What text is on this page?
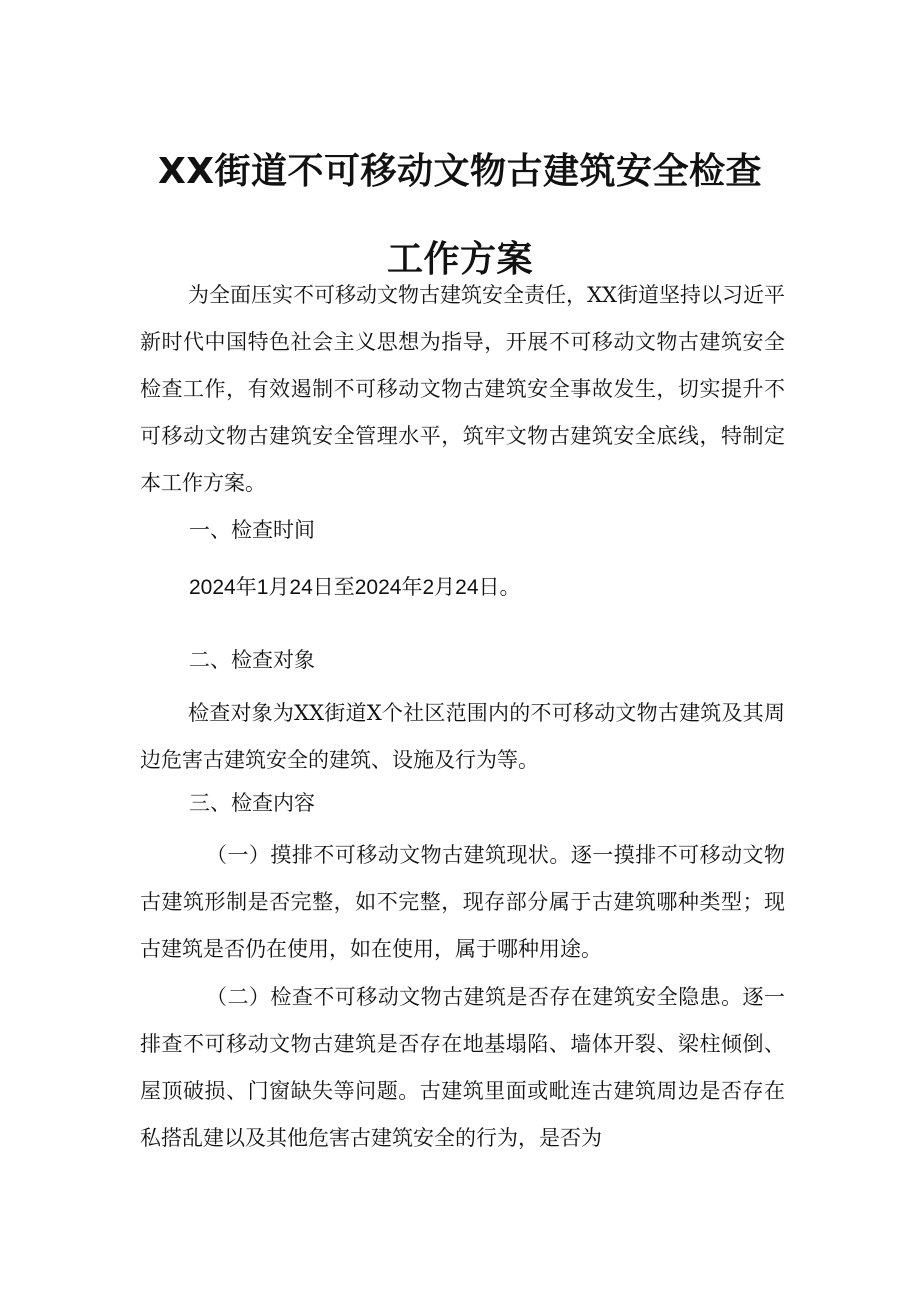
XX街道不可移动文物古建筑安全检查
工作方案

为全面压实不可移动文物古建筑安全责任，XX街道坚持以习近平新时代中国特色社会主义思想为指导，开展不可移动文物古建筑安全检查工作，有效遏制不可移动文物古建筑安全事故发生，切实提升不可移动文物古建筑安全管理水平，筑牢文物古建筑安全底线，特制定本工作方案。

一、检查时间

2024年1月24日至2024年2月24日。

二、检查对象

检查对象为XX街道X个社区范围内的不可移动文物古建筑及其周边危害古建筑安全的建筑、设施及行为等。

三、检查内容

（一）摸排不可移动文物古建筑现状。逐一摸排不可移动文物古建筑形制是否完整，如不完整，现存部分属于古建筑哪种类型；现古建筑是否仍在使用，如在使用，属于哪种用途。

（二）检查不可移动文物古建筑是否存在建筑安全隐患。逐一排查不可移动文物古建筑是否存在地基塌陷、墙体开裂、梁柱倾倒、屋顶破损、门窗缺失等问题。古建筑里面或毗连古建筑周边是否存在私搭乱建以及其他危害古建筑安全的行为，是否为
